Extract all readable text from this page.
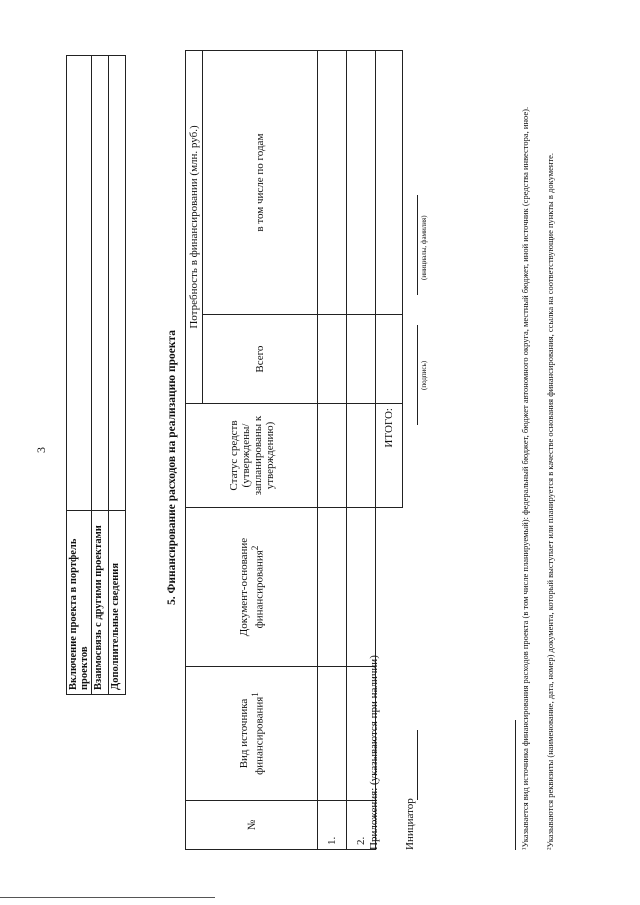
3
Включение проекта в портфель проектов	
Взаимосвязь с другими проектами	
Дополнительные сведения	
5. Финансирование расходов на реализацию проекта
№	Вид источника финансирования$^1$	Документ-основание финансирования$^2$	Статус средств (утверждены/запланированы к утверждению)	Потребность в финансировании (млн. руб.)	
				Всего	в том числе по годам
1.					
2.					
			ИТОГО:		
Приложения: (указываются при наличии) Инициатор
(подпись)
(инициалы, фамилия)	¹Указывается вид источника финансирования расходов проекта (в том числе планируемый): федеральный бюджет, бюджет автономного округа, местный бюджет, иной источник (средства инвестора, иное). ²Указываются реквизиты (наименование, дата, номер) документа, который выступает или планируется в качестве основания финансирования, ссылка на соответствующие пункты в документе.
